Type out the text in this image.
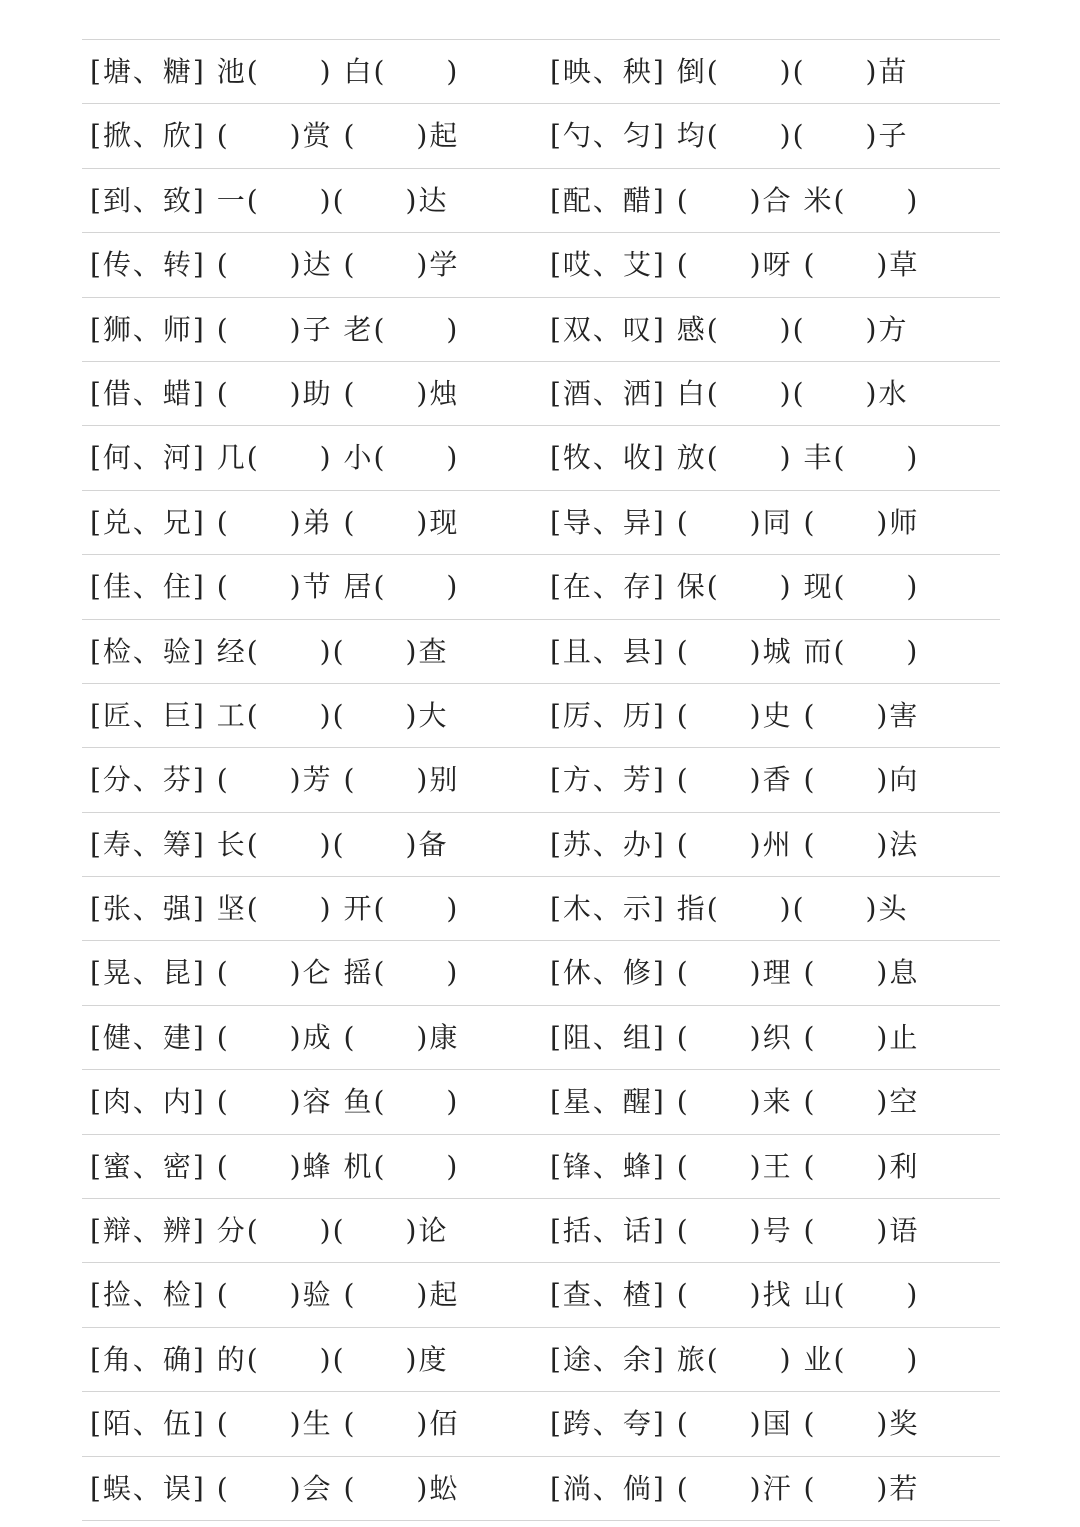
[塘、糖] 池(　　) 白(　　)	[映、秧] 倒(　　)(　　)苗
[掀、欣] (　　)赏 (　　)起	[勺、匀] 均(　　)(　　)子
[到、致] 一(　　)(　　)达	[配、醋] (　　)合 米(　　)
[传、转] (　　)达 (　　)学	[哎、艾] (　　)呀 (　　)草
[狮、师] (　　)子 老(　　)	[双、叹] 感(　　)(　　)方
[借、蜡] (　　)助 (　　)烛	[酒、洒] 白(　　)(　　)水
[何、河] 几(　　) 小(　　)	[牧、收] 放(　　) 丰(　　)
[兑、兄] (　　)弟 (　　)现	[导、异] (　　)同 (　　)师
[佳、住] (　　)节 居(　　)	[在、存] 保(　　) 现(　　)
[检、验] 经(　　)(　　)查	[且、县] (　　)城 而(　　)
[匠、巨] 工(　　)(　　)大	[厉、历] (　　)史 (　　)害
[分、芬] (　　)芳 (　　)别	[方、芳] (　　)香 (　　)向
[寿、筹] 长(　　)(　　)备	[苏、办] (　　)州 (　　)法
[张、强] 坚(　　) 开(　　)	[木、示] 指(　　)(　　)头
[晃、昆] (　　)仑 摇(　　)	[休、修] (　　)理 (　　)息
[健、建] (　　)成 (　　)康	[阻、组] (　　)织 (　　)止
[肉、内] (　　)容 鱼(　　)	[星、醒] (　　)来 (　　)空
[蜜、密] (　　)蜂 机(　　)	[锋、蜂] (　　)王 (　　)利
[辩、辨] 分(　　)(　　)论	[括、话] (　　)号 (　　)语
[捡、检] (　　)验 (　　)起	[查、楂] (　　)找 山(　　)
[角、确] 的(　　)(　　)度	[途、余] 旅(　　) 业(　　)
[陌、伍] (　　)生 (　　)佰	[跨、夸] (　　)国 (　　)奖
[蜈、误] (　　)会 (　　)蚣	[淌、倘] (　　)汗 (　　)若
